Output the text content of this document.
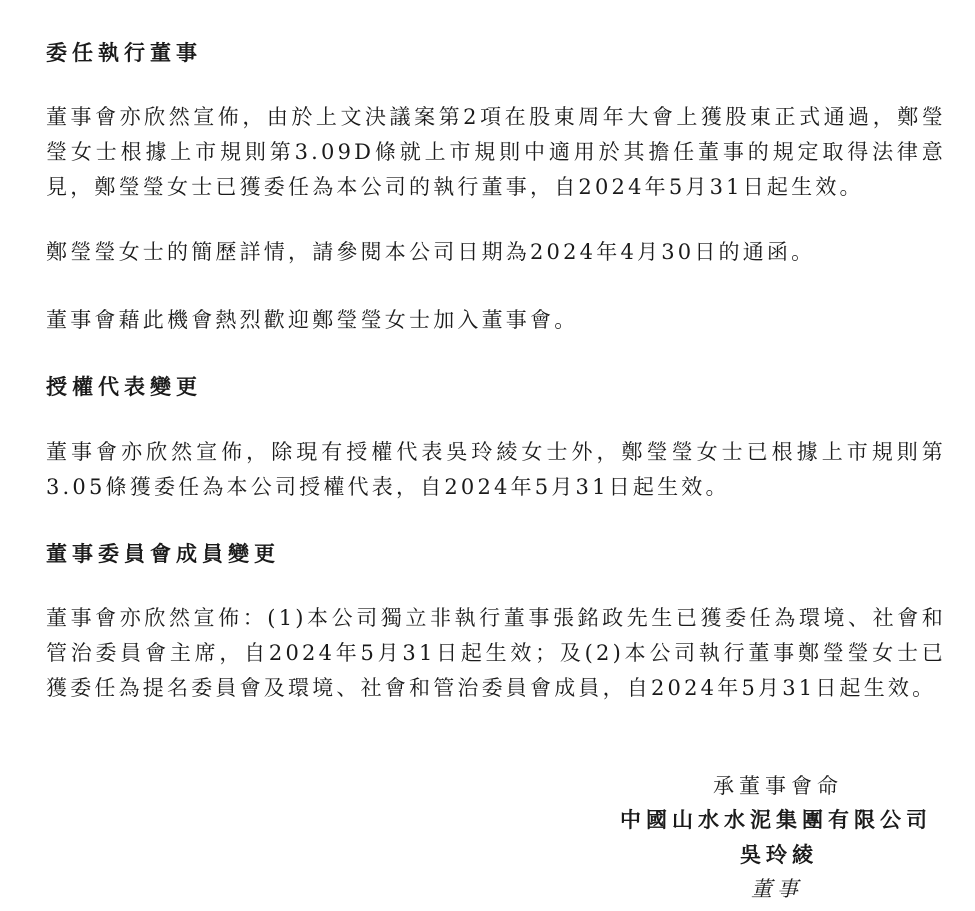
委任執行董事
董事會亦欣然宣佈，由於上文決議案第2項在股東周年大會上獲股東正式通過，鄭瑩瑩女士根據上市規則第3.09D條就上市規則中適用於其擔任董事的規定取得法律意見，鄭瑩瑩女士已獲委任為本公司的執行董事，自2024年5月31日起生效。
鄭瑩瑩女士的簡歷詳情，請參閱本公司日期為2024年4月30日的通函。
董事會藉此機會熱烈歡迎鄭瑩瑩女士加入董事會。
授權代表變更
董事會亦欣然宣佈，除現有授權代表吳玲綾女士外，鄭瑩瑩女士已根據上市規則第3.05條獲委任為本公司授權代表，自2024年5月31日起生效。
董事委員會成員變更
董事會亦欣然宣佈：(1)本公司獨立非執行董事張銘政先生已獲委任為環境、社會和管治委員會主席，自2024年5月31日起生效；及(2)本公司執行董事鄭瑩瑩女士已獲委任為提名委員會及環境、社會和管治委員會成員，自2024年5月31日起生效。
承董事會命
中國山水水泥集團有限公司
吳玲綾
董事
